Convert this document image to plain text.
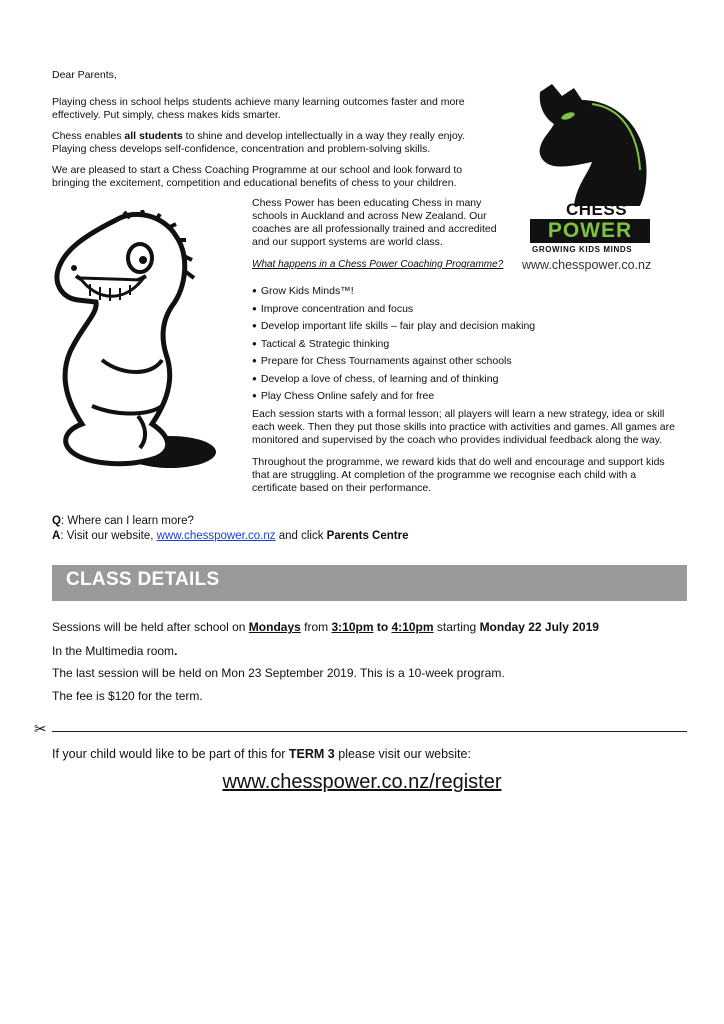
Dear Parents,

Playing chess in school helps students achieve many learning outcomes faster and more effectively. Put simply, chess makes kids smarter.

Chess enables all students to shine and develop intellectually in a way they really enjoy. Playing chess develops self-confidence, concentration and problem-solving skills.

We are pleased to start a Chess Coaching Programme at our school and look forward to bringing the excitement, competition and educational benefits of chess to your children.

CHESS
POWER
GROWING KIDS MINDS
www.chesspower.co.nz
Chess Power has been educating Chess in many schools in Auckland and across New Zealand. Our coaches are all professionally trained and accredited and our support systems are world class.
What happens in a Chess Power Coaching Programme?
● Grow Kids Minds™!
● Improve concentration and focus
● Develop important life skills – fair play and decision making
● Tactical & Strategic thinking
● Prepare for Chess Tournaments against other schools
● Develop a love of chess, of learning and of thinking
● Play Chess Online safely and for free
Each session starts with a formal lesson; all players will learn a new strategy, idea or skill each week. Then they put those skills into practice with activities and games. All games are monitored and supervised by the coach who provides individual feedback along the way.
Throughout the programme, we reward kids that do well and encourage and support kids that are struggling. At completion of the programme we recognise each child with a certificate based on their performance.
Q: Where can I learn more?
A: Visit our website, www.chesspower.co.nz and click Parents Centre
CLASS DETAILS
Sessions will be held after school on Mondays from 3:10pm to 4:10pm starting Monday 22 July 2019
In the Multimedia room.
The last session will be held on Mon 23 September 2019. This is a 10-week program.
The fee is $120 for the term.
✂
If your child would like to be part of this for TERM 3 please visit our website:
www.chesspower.co.nz/register
